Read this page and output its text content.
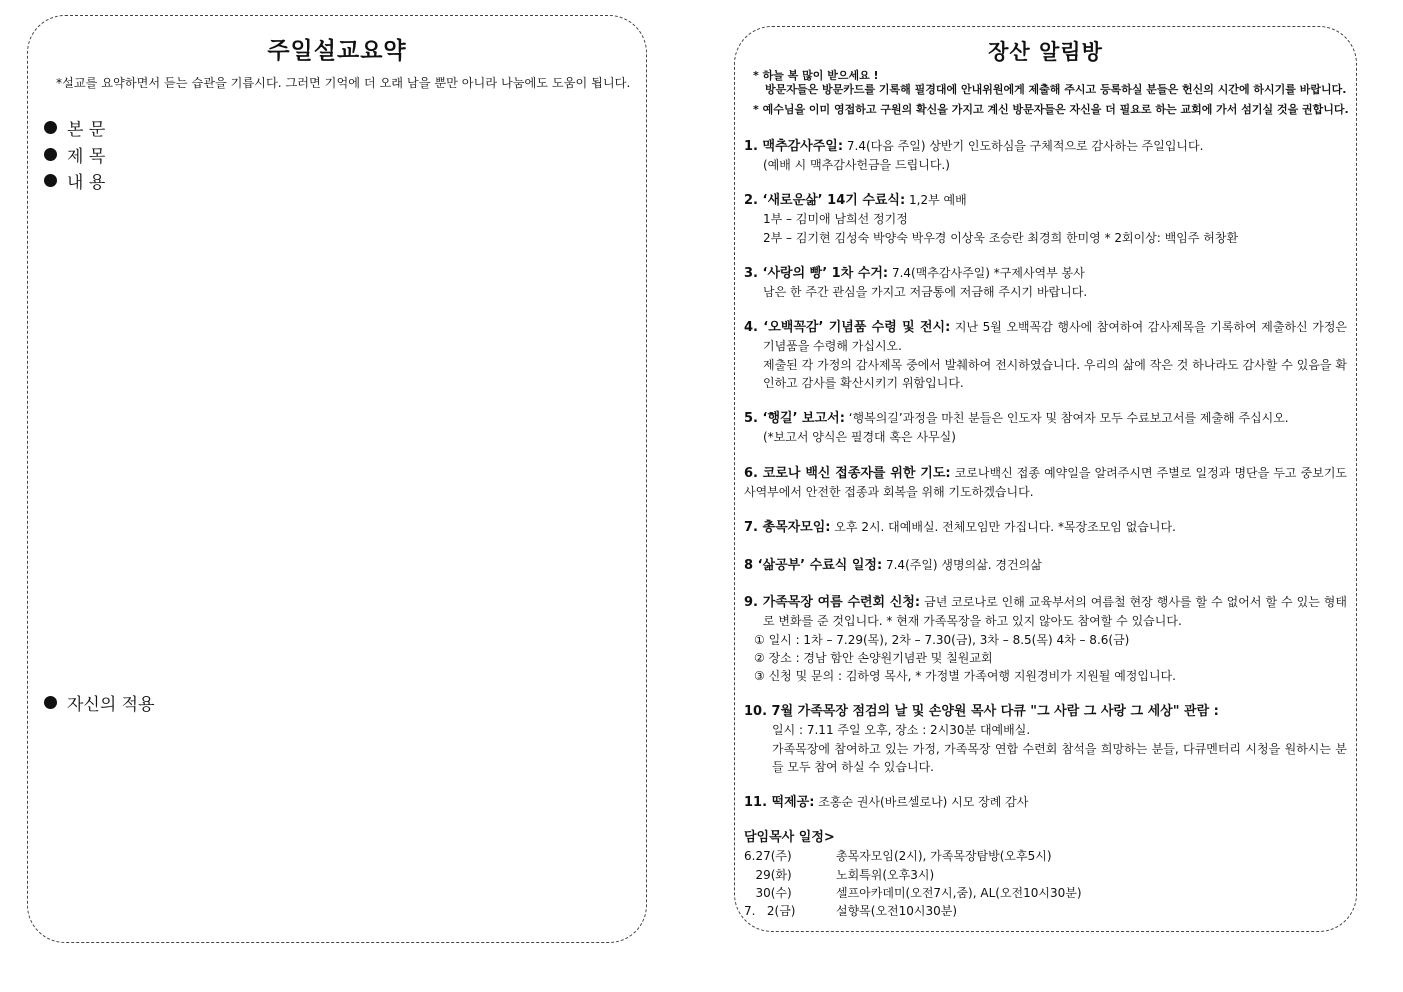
주일설교요약
*설교를 요약하면서 듣는 습관을 기릅시다. 그러면 기억에 더 오래 남을 뿐만 아니라 나눔에도 도움이 됩니다.
본 문
제 목
내 용
자신의 적용
장산 알림방
* 하늘 복 많이 받으세요 !
방문자들은 방문카드를 기록해 필경대에 안내위원에게 제출해 주시고 등록하실 분들은 헌신의 시간에 하시기를 바랍니다.
* 예수님을 이미 영접하고 구원의 확신을 가지고 계신 방문자들은 자신을 더 필요로 하는 교회에 가서 섬기실 것을 권합니다.
1. 맥추감사주일: 7.4(다음 주일) 상반기 인도하심을 구체적으로 감사하는 주일입니다.
(예배 시 맥추감사헌금을 드립니다.)
2. ‘새로운삶’ 14기 수료식: 1,2부 예배
1부 – 김미애 남희선 정기정
2부 – 김기현 김성숙 박양숙 박우경 이상욱 조승란 최경희 한미영 * 2회이상: 백임주 허창환
3. ‘사랑의 빵’ 1차 수거: 7.4(맥추감사주일) *구제사역부 봉사
남은 한 주간 관심을 가지고 저금통에 저금해 주시기 바랍니다.
4. ‘오백꼭감’ 기념품 수령 및 전시: 지난 5월 오백꼭감 행사에 참여하여 감사제목을 기록하여 제출하신 가정은 기념품을 수령해 가십시오.
제출된 각 가정의 감사제목 중에서 발췌하여 전시하였습니다. 우리의 삶에 작은 것 하나라도 감사할 수 있음을 확인하고 감사를 확산시키기 위함입니다.
5. ‘행길’ 보고서: ‘행복의길’과정을 마친 분들은 인도자 및 참여자 모두 수료보고서를 제출해 주십시오.
(*보고서 양식은 필경대 혹은 사무실)
6. 코로나 백신 접종자를 위한 기도: 코로나백신 접종 예약일을 알려주시면 주별로 일정과 명단을 두고 중보기도사역부에서 안전한 접종과 회복을 위해 기도하겠습니다.
7. 총목자모임: 오후 2시. 대예배실. 전체모임만 가집니다. *목장조모임 없습니다.
8 ‘삶공부’ 수료식 일정: 7.4(주일) 생명의삶. 경건의삶
9. 가족목장 여름 수련회 신청: 금년 코로나로 인해 교육부서의 여름철 현장 행사를 할 수 없어서 할 수 있는 형태로 변화를 준 것입니다. * 현재 가족목장을 하고 있지 않아도 참여할 수 있습니다.
① 일시 : 1차 – 7.29(목), 2차 – 7.30(금), 3차 – 8.5(목) 4차 – 8.6(금)
② 장소 : 경남 함안 손양원기념관 및 칠원교회
③ 신청 및 문의 : 김하영 목사, * 가정별 가족여행 지원경비가 지원될 예정입니다.
10. 7월 가족목장 점검의 날 및 손양원 목사 다큐 "그 사람 그 사랑 그 세상" 관람 :
일시 : 7.11 주일 오후, 장소 : 2시30분 대예배실.
가족목장에 참여하고 있는 가정, 가족목장 연합 수련회 참석을 희망하는 분들, 다큐멘터리 시청을 원하시는 분들 모두 참여 하실 수 있습니다.
11. 떡제공: 조홍순 권사(바르셀로나) 시모 장례 감사
담임목사 일정>
6.27(주)	총목자모임(2시), 가족목장탐방(오후5시)
29(화)	노회특위(오후3시)
30(수)	셀프아카데미(오전7시,줌), AL(오전10시30분)
7.   2(금)	설향목(오전10시30분)
